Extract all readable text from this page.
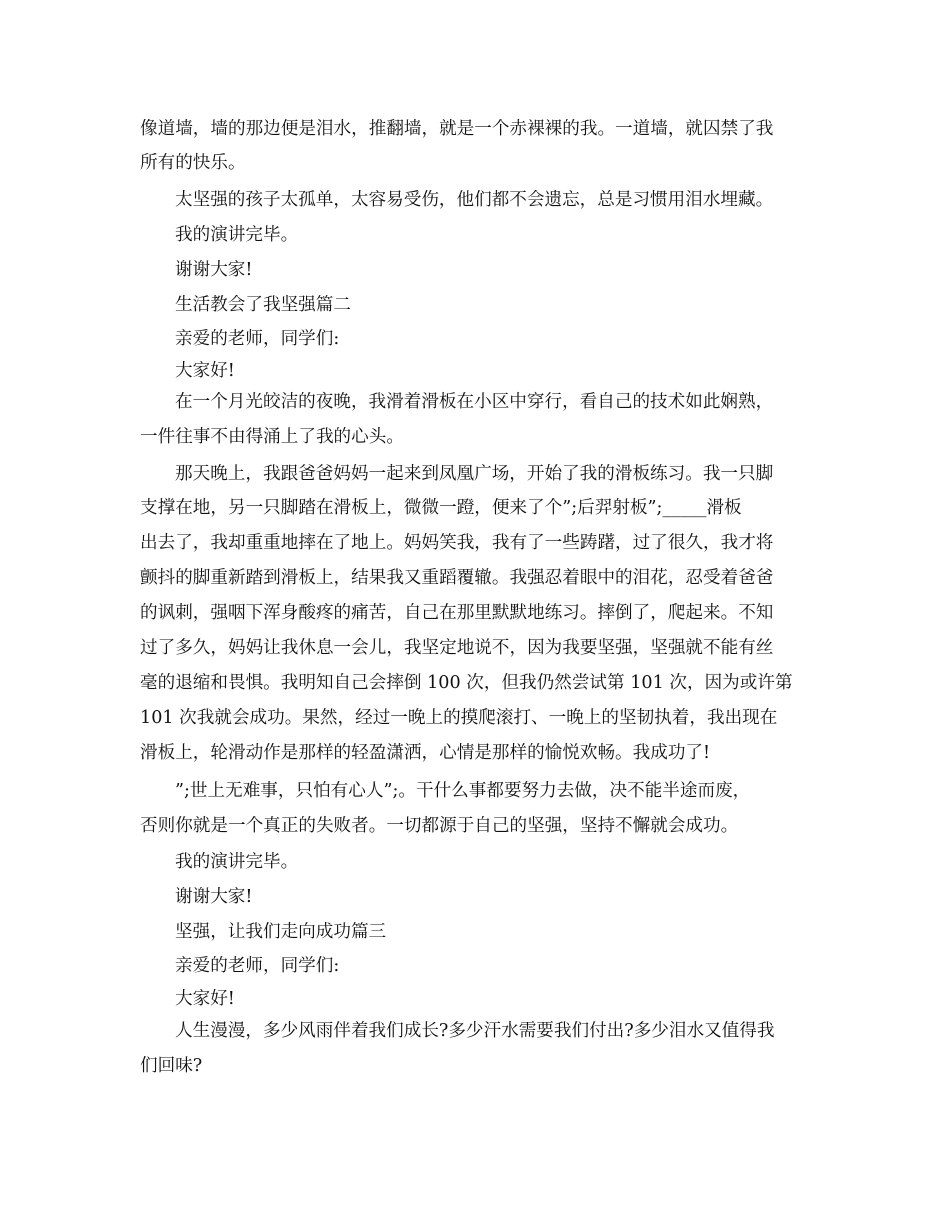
像道墙，墙的那边便是泪水，推翻墙，就是一个赤裸裸的我。一道墙，就囚禁了我
所有的快乐。
太坚强的孩子太孤单，太容易受伤，他们都不会遗忘，总是习惯用泪水埋藏。
我的演讲完毕。
谢谢大家!
生活教会了我坚强篇二
亲爱的老师，同学们:
大家好!
在一个月光皎洁的夜晚，我滑着滑板在小区中穿行，看自己的技术如此娴熟，
一件往事不由得涌上了我的心头。
那天晚上，我跟爸爸妈妈一起来到凤凰广场，开始了我的滑板练习。我一只脚
支撑在地，另一只脚踏在滑板上，微微一蹬，便来了个”;后羿射板”;_____滑板
出去了，我却重重地摔在了地上。妈妈笑我，我有了一些踌躇，过了很久，我才将
颤抖的脚重新踏到滑板上，结果我又重蹈覆辙。我强忍着眼中的泪花，忍受着爸爸
的讽刺，强咽下浑身酸疼的痛苦，自己在那里默默地练习。摔倒了，爬起来。不知
过了多久，妈妈让我休息一会儿，我坚定地说不，因为我要坚强，坚强就不能有丝
毫的退缩和畏惧。我明知自己会摔倒 100 次，但我仍然尝试第 101 次，因为或许第
101 次我就会成功。果然，经过一晚上的摸爬滚打、一晚上的坚韧执着，我出现在
滑板上，轮滑动作是那样的轻盈潇洒，心情是那样的愉悦欢畅。我成功了!
”;世上无难事，只怕有心人”;。干什么事都要努力去做，决不能半途而废，
否则你就是一个真正的失败者。一切都源于自己的坚强，坚持不懈就会成功。
我的演讲完毕。
谢谢大家!
坚强，让我们走向成功篇三
亲爱的老师，同学们:
大家好!
人生漫漫，多少风雨伴着我们成长?多少汗水需要我们付出?多少泪水又值得我
们回味?
